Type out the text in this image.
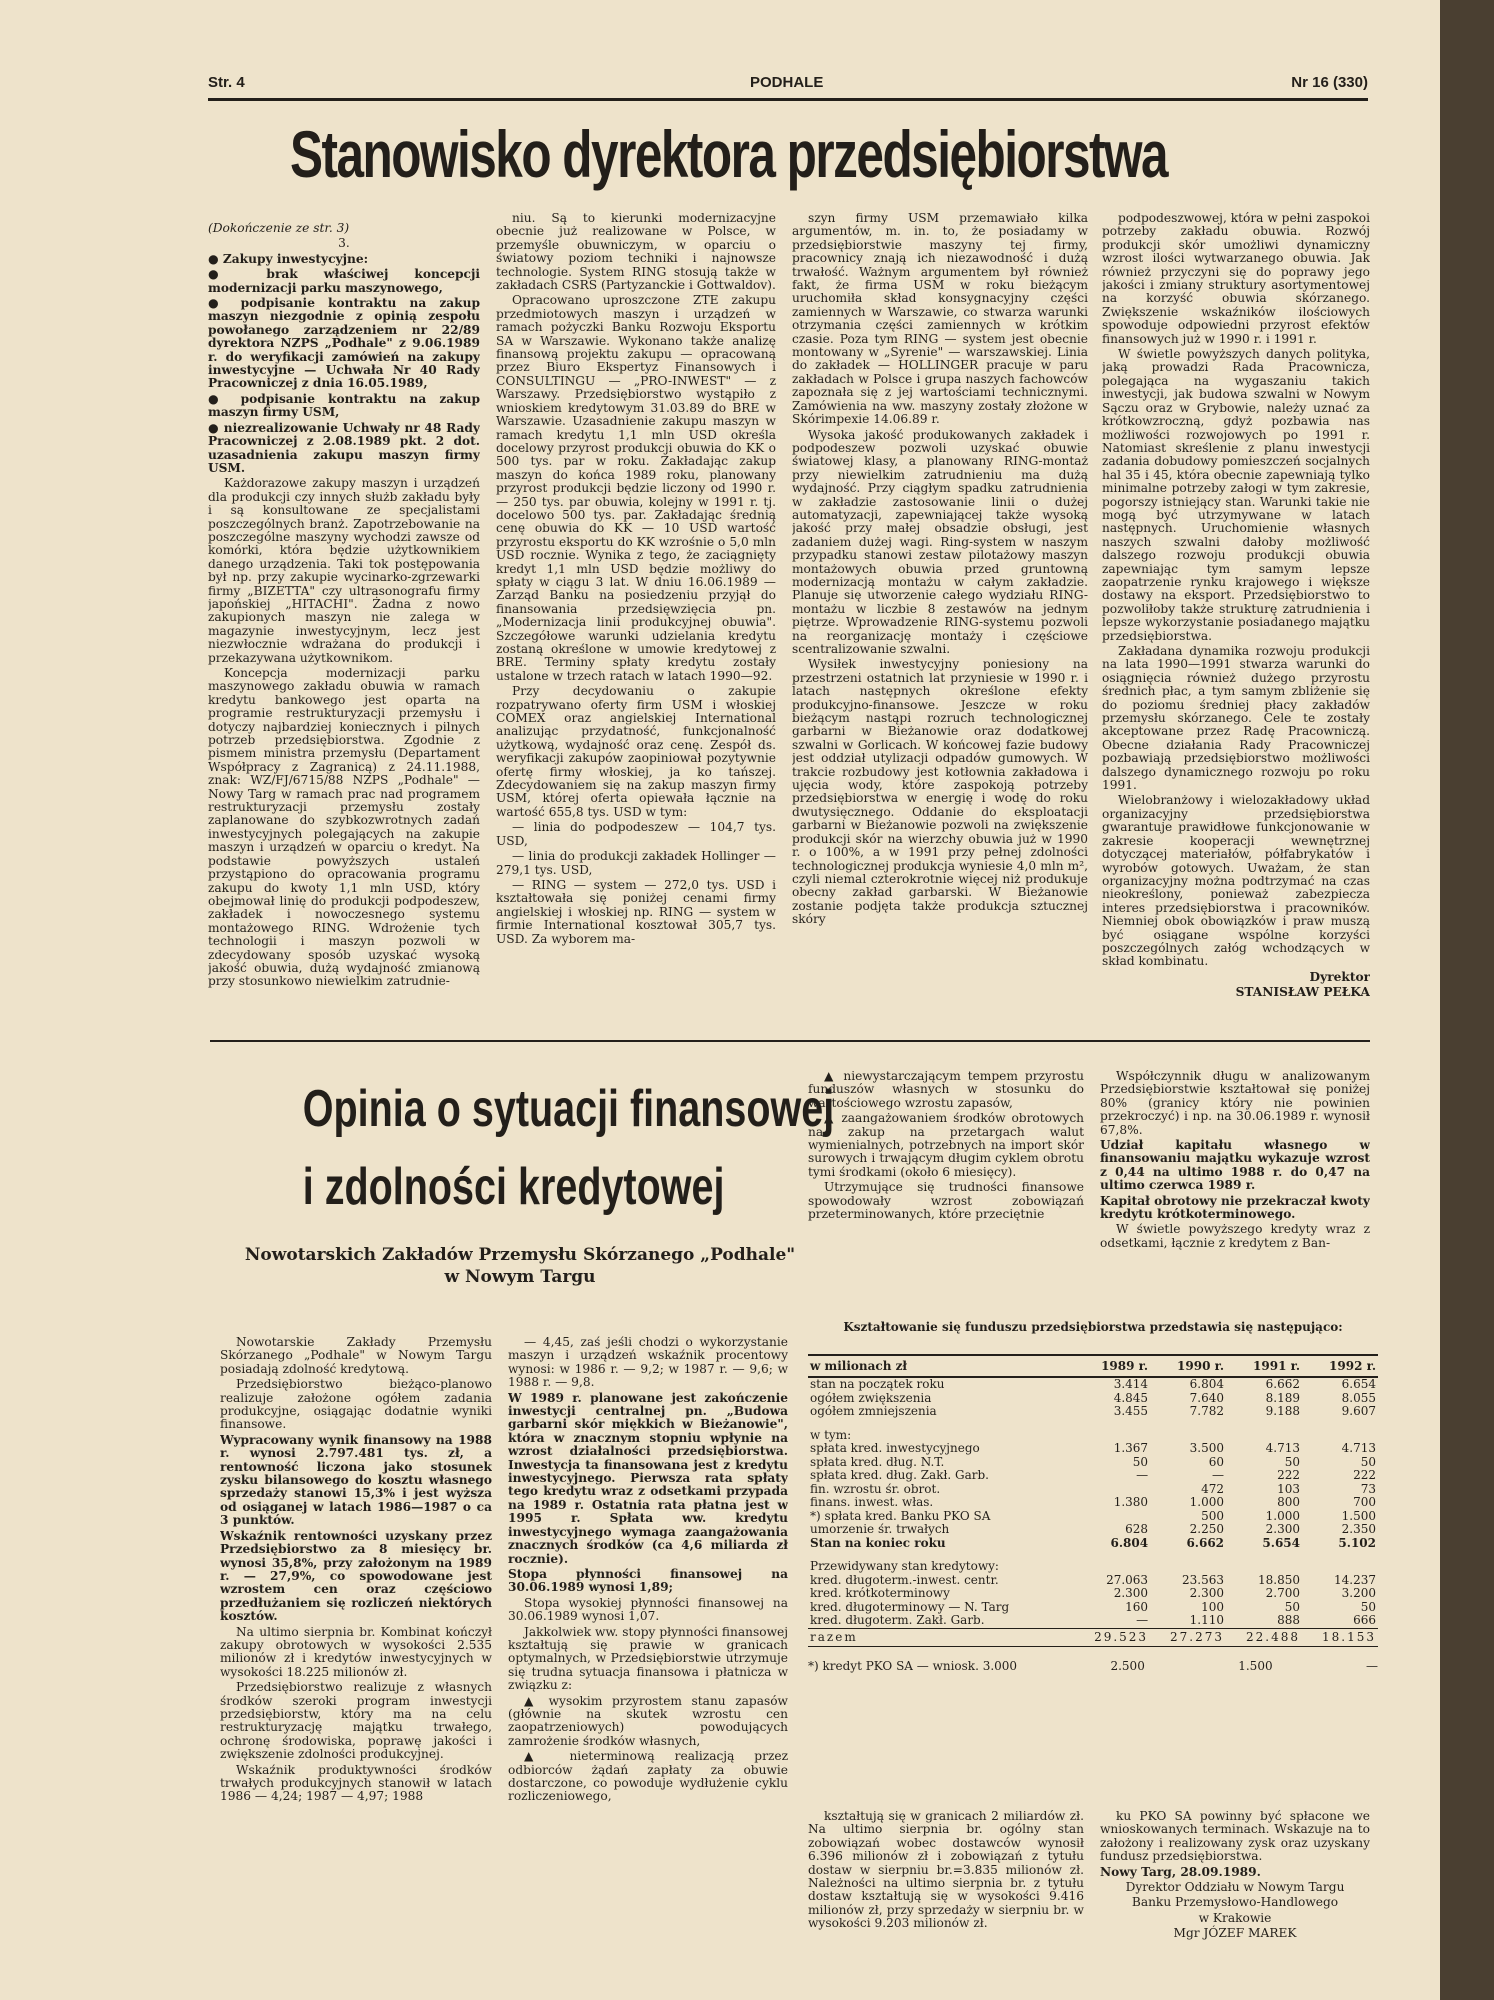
Str. 4	PODHALE	Nr 16 (330)
Stanowisko dyrektora przedsiębiorstwa

(Dokończenie ze str. 3)

3.

● Zakupy inwestycyjne:

● brak właściwej koncepcji modernizacji parku maszynowego,

● podpisanie kontraktu na zakup maszyn niezgodnie z opinią zespołu powołanego zarządzeniem nr 22/89 dyrektora NZPS „Podhale" z 9.06.1989 r. do weryfikacji zamówień na zakupy inwestycyjne — Uchwała Nr 40 Rady Pracowniczej z dnia 16.05.1989,

● podpisanie kontraktu na zakup maszyn firmy USM,

● niezrealizowanie Uchwały nr 48 Rady Pracowniczej z 2.08.1989 pkt. 2 dot. uzasadnienia zakupu maszyn firmy USM.

Każdorazowe zakupy maszyn i urządzeń dla produkcji czy innych służb zakładu były i są konsultowane ze specjalistami poszczególnych branż. Zapotrzebowanie na poszczególne maszyny wychodzi zawsze od komórki, która będzie użytkownikiem danego urządzenia. Taki tok postępowania był np. przy zakupie wycinarko-zgrzewarki firmy „BIZETTA" czy ultrasonografu firmy japońskiej „HITACHI". Żadna z nowo zakupionych maszyn nie zalega w magazynie inwestycyjnym, lecz jest niezwłocznie wdrażana do produkcji i przekazywana użytkownikom.

Koncepcja modernizacji parku maszynowego zakładu obuwia w ramach kredytu bankowego jest oparta na programie restrukturyzacji przemysłu i dotyczy najbardziej koniecznych i pilnych potrzeb przedsiębiorstwa. Zgodnie z pismem ministra przemysłu (Departament Współpracy z Zagranicą) z 24.11.1988, znak: WZ/FJ/6715/88 NZPS „Podhale" — Nowy Targ w ramach prac nad programem restrukturyzacji przemysłu zostały zaplanowane do szybkozwrotnych zadań inwestycyjnych polegających na zakupie maszyn i urządzeń w oparciu o kredyt. Na podstawie powyższych ustaleń przystąpiono do opracowania programu zakupu do kwoty 1,1 mln USD, który obejmował linię do produkcji podpodeszew, zakładek i nowoczesnego systemu montażowego RING. Wdrożenie tych technologii i maszyn pozwoli w zdecydowany sposób uzyskać wysoką jakość obuwia, dużą wydajność zmianową przy stosunkowo niewielkim zatrudnie-

niu. Są to kierunki modernizacyjne obecnie już realizowane w Polsce, w przemyśle obuwniczym, w oparciu o światowy poziom techniki i najnowsze technologie. System RING stosują także w zakładach CSRS (Partyzanckie i Gottwaldov).

Opracowano uproszczone ZTE zakupu przedmiotowych maszyn i urządzeń w ramach pożyczki Banku Rozwoju Eksportu SA w Warszawie. Wykonano także analizę finansową projektu zakupu — opracowaną przez Biuro Ekspertyz Finansowych i CONSULTINGU — „PRO-INWEST" — z Warszawy. Przedsiębiorstwo wystąpiło z wnioskiem kredytowym 31.03.89 do BRE w Warszawie. Uzasadnienie zakupu maszyn w ramach kredytu 1,1 mln USD określa docelowy przyrost produkcji obuwia do KK o 500 tys. par w roku. Zakładając zakup maszyn do końca 1989 roku, planowany przyrost produkcji będzie liczony od 1990 r. — 250 tys. par obuwia, kolejny w 1991 r. tj. docelowo 500 tys. par. Zakładając średnią cenę obuwia do KK — 10 USD wartość przyrostu eksportu do KK wzrośnie o 5,0 mln USD rocznie. Wynika z tego, że zaciągnięty kredyt 1,1 mln USD będzie możliwy do spłaty w ciągu 3 lat. W dniu 16.06.1989 — Zarząd Banku na posiedzeniu przyjął do finansowania przedsięwzięcia pn. „Modernizacja linii produkcyjnej obuwia". Szczegółowe warunki udzielania kredytu zostaną określone w umowie kredytowej z BRE. Terminy spłaty kredytu zostały ustalone w trzech ratach w latach 1990—92.

Przy decydowaniu o zakupie rozpatrywano oferty firm USM i włoskiej COMEX oraz angielskiej International analizując przydatność, funkcjonalność użytkową, wydajność oraz cenę. Zespół ds. weryfikacji zakupów zaopiniował pozytywnie ofertę firmy włoskiej, ja ko tańszej. Zdecydowaniem się na zakup maszyn firmy USM, której oferta opiewała łącznie na wartość 655,8 tys. USD w tym:

— linia do podpodeszew — 104,7 tys. USD,

— linia do produkcji zakładek Hollinger — 279,1 tys. USD,

— RING — system — 272,0 tys. USD i kształtowała się poniżej cenami firmy angielskiej i włoskiej np. RING — system w firmie International kosztował 305,7 tys. USD. Za wyborem ma-

szyn firmy USM przemawiało kilka argumentów, m. in. to, że posiadamy w przedsiębiorstwie maszyny tej firmy, pracownicy znają ich niezawodność i dużą trwałość. Ważnym argumentem był również fakt, że firma USM w roku bieżącym uruchomiła skład konsygnacyjny części zamiennych w Warszawie, co stwarza warunki otrzymania części zamiennych w krótkim czasie. Poza tym RING — system jest obecnie montowany w „Syrenie" — warszawskiej. Linia do zakładek — HOLLINGER pracuje w paru zakładach w Polsce i grupa naszych fachowców zapoznała się z jej wartościami technicznymi. Zamówienia na ww. maszyny zostały złożone w Skórimpexie 14.06.89 r.

Wysoka jakość produkowanych zakładek i podpodeszew pozwoli uzyskać obuwie światowej klasy, a planowany RING-montaż przy niewielkim zatrudnieniu ma dużą wydajność. Przy ciągłym spadku zatrudnienia w zakładzie zastosowanie linii o dużej automatyzacji, zapewniającej także wysoką jakość przy małej obsadzie obsługi, jest zadaniem dużej wagi. Ring-system w naszym przypadku stanowi zestaw pilotażowy maszyn montażowych obuwia przed gruntowną modernizacją montażu w całym zakładzie. Planuje się utworzenie całego wydziału RING-montażu w liczbie 8 zestawów na jednym piętrze. Wprowadzenie RING-systemu pozwoli na reorganizację montaży i częściowe scentralizowanie szwalni.

Wysiłek inwestycyjny poniesiony na przestrzeni ostatnich lat przyniesie w 1990 r. i latach następnych określone efekty produkcyjno-finansowe. Jeszcze w roku bieżącym nastąpi rozruch technologicznej garbarni w Bieżanowie oraz dodatkowej szwalni w Gorlicach. W końcowej fazie budowy jest oddział utylizacji odpadów gumowych. W trakcie rozbudowy jest kotłownia zakładowa i ujęcia wody, które zaspokoją potrzeby przedsiębiorstwa w energię i wodę do roku dwutysięcznego. Oddanie do eksploatacji garbarni w Bieżanowie pozwoli na zwiększenie produkcji skór na wierzchy obuwia już w 1990 r. o 100%, a w 1991 przy pełnej zdolności technologicznej produkcja wyniesie 4,0 mln m², czyli niemal czterokrotnie więcej niż produkuje obecny zakład garbarski. W Bieżanowie zostanie podjęta także produkcja sztucznej skóry

podpodeszwowej, która w pełni zaspokoi potrzeby zakładu obuwia. Rozwój produkcji skór umożliwi dynamiczny wzrost ilości wytwarzanego obuwia. Jak również przyczyni się do poprawy jego jakości i zmiany struktury asortymentowej na korzyść obuwia skórzanego. Zwiększenie wskaźników ilościowych spowoduje odpowiedni przyrost efektów finansowych już w 1990 r. i 1991 r.

W świetle powyższych danych polityka, jaką prowadzi Rada Pracownicza, polegająca na wygaszaniu takich inwestycji, jak budowa szwalni w Nowym Sączu oraz w Grybowie, należy uznać za krótkowzroczną, gdyż pozbawia nas możliwości rozwojowych po 1991 r. Natomiast skreślenie z planu inwestycji zadania dobudowy pomieszczeń socjalnych hal 35 i 45, która obecnie zapewniają tylko minimalne potrzeby załogi w tym zakresie, pogorszy istniejący stan. Warunki takie nie mogą być utrzymywane w latach następnych. Uruchomienie własnych naszych szwalni dałoby możliwość dalszego rozwoju produkcji obuwia zapewniając tym samym lepsze zaopatrzenie rynku krajowego i większe dostawy na eksport. Przedsiębiorstwo to pozwoliłoby także strukturę zatrudnienia i lepsze wykorzystanie posiadanego majątku przedsiębiorstwa.

Zakładana dynamika rozwoju produkcji na lata 1990—1991 stwarza warunki do osiągnięcia również dużego przyrostu średnich płac, a tym samym zbliżenie się do poziomu średniej płacy zakładów przemysłu skórzanego. Cele te zostały akceptowane przez Radę Pracowniczą. Obecne działania Rady Pracowniczej pozbawiają przedsiębiorstwo możliwości dalszego dynamicznego rozwoju po roku 1991.

Wielobranżowy i wielozakładowy układ organizacyjny przedsiębiorstwa gwarantuje prawidłowe funkcjonowanie w zakresie kooperacji wewnętrznej dotyczącej materiałów, półfabrykatów i wyrobów gotowych. Uważam, że stan organizacyjny można podtrzymać na czas nieokreślony, ponieważ zabezpiecza interes przedsiębiorstwa i pracowników. Niemniej obok obowiązków i praw muszą być osiągane wspólne korzyści poszczególnych załóg wchodzących w skład kombinatu.

Dyrektor

STANISŁAW PEŁKA

Opinia o sytuacji finansowej
i zdolności kredytowej
Nowotarskich Zakładów Przemysłu Skórzanego „Podhale"
w Nowym Targu

Nowotarskie Zakłady Przemysłu Skórzanego „Podhale" w Nowym Targu posiadają zdolność kredytową.

Przedsiębiorstwo bieżąco-planowo realizuje założone ogółem zadania produkcyjne, osiągając dodatnie wyniki finansowe.

Wypracowany wynik finansowy na 1988 r. wynosi 2.797.481 tys. zł, a rentowność liczona jako stosunek zysku bilansowego do kosztu własnego sprzedaży stanowi 15,3% i jest wyższa od osiąganej w latach 1986—1987 o ca 3 punktów.

Wskaźnik rentowności uzyskany przez Przedsiębiorstwo za 8 miesięcy br. wynosi 35,8%, przy założonym na 1989 r. — 27,9%, co spowodowane jest wzrostem cen oraz częściowo przedłużaniem się rozliczeń niektórych kosztów.

Na ultimo sierpnia br. Kombinat kończył zakupy obrotowych w wysokości 2.535 milionów zł i kredytów inwestycyjnych w wysokości 18.225 milionów zł.

Przedsiębiorstwo realizuje z własnych środków szeroki program inwestycji przedsiębiorstw, który ma na celu restrukturyzację majątku trwałego, ochronę środowiska, poprawę jakości i zwiększenie zdolności produkcyjnej.

Wskaźnik produktywności środków trwałych produkcyjnych stanowił w latach 1986 — 4,24; 1987 — 4,97; 1988

— 4,45, zaś jeśli chodzi o wykorzystanie maszyn i urządzeń wskaźnik procentowy wynosi: w 1986 r. — 9,2; w 1987 r. — 9,6; w 1988 r. — 9,8.

W 1989 r. planowane jest zakończenie inwestycji centralnej pn. „Budowa garbarni skór miękkich w Bieżanowie", która w znacznym stopniu wpłynie na wzrost działalności przedsiębiorstwa. Inwestycja ta finansowana jest z kredytu inwestycyjnego. Pierwsza rata spłaty tego kredytu wraz z odsetkami przypada na 1989 r. Ostatnia rata płatna jest w 1995 r. Spłata ww. kredytu inwestycyjnego wymaga zaangażowania znacznych środków (ca 4,6 miliarda zł rocznie).

Stopa płynności finansowej na 30.06.1989 wynosi 1,89;

Stopa wysokiej płynności finansowej na 30.06.1989 wynosi 1,07.

Jakkolwiek ww. stopy płynności finansowej kształtują się prawie w granicach optymalnych, w Przedsiębiorstwie utrzymuje się trudna sytuacja finansowa i płatnicza w związku z:

▲ wysokim przyrostem stanu zapasów (głównie na skutek wzrostu cen zaopatrzeniowych) powodujących zamrożenie środków własnych,

▲ nieterminową realizacją przez odbiorców żądań zapłaty za obuwie dostarczone, co powoduje wydłużenie cyklu rozliczeniowego,

▲ niewystarczającym tempem przyrostu funduszów własnych w stosunku do wartościowego wzrostu zapasów,

▲ zaangażowaniem środków obrotowych na zakup na przetargach walut wymienialnych, potrzebnych na import skór surowych i trwającym długim cyklem obrotu tymi środkami (około 6 miesięcy).

Utrzymujące się trudności finansowe spowodowały wzrost zobowiązań przeterminowanych, które przeciętnie

Współczynnik długu w analizowanym Przedsiębiorstwie kształtował się poniżej 80% (granicy który nie powinien przekroczyć) i np. na 30.06.1989 r. wynosił 67,8%.

Udział kapitału własnego w finansowaniu majątku wykazuje wzrost z 0,44 na ultimo 1988 r. do 0,47 na ultimo czerwca 1989 r.

Kapitał obrotowy nie przekraczał kwoty kredytu krótkoterminowego.

W świetle powyższego kredyty wraz z odsetkami, łącznie z kredytem z Ban-

Kształtowanie się funduszu przedsiębiorstwa przedstawia się następująco:
w milionach zł	1989 r.	1990 r.	1991 r.	1992 r.
stan na początek roku	3.414	6.804	6.662	6.654
ogółem zwiększenia	4.845	7.640	8.189	8.055
ogółem zmniejszenia	3.455	7.782	9.188	9.607

w tym:				
spłata kred. inwestycyjnego	1.367	3.500	4.713	4.713
spłata kred. dług. N.T.	50	60	50	50
spłata kred. dług. Zakł. Garb.	—	—	222	222
fin. wzrostu śr. obrot.		472	103	73
finans. inwest. włas.	1.380	1.000	800	700
*) spłata kred. Banku PKO SA		500	1.000	1.500
umorzenie śr. trwałych	628	2.250	2.300	2.350
Stan na koniec roku	6.804	6.662	5.654	5.102

Przewidywany stan kredytowy:				
kred. długoterm.-inwest. centr.	27.063	23.563	18.850	14.237
kred. krótkoterminowy	2.300	2.300	2.700	3.200
kred. długoterminowy — N. Targ	160	100	50	50
kred. długoterm. Zakł. Garb.	—	1.110	888	666
razem	29.523	27.273	22.488	18.153
*) kredyt PKO SA — wniosk. 3.000	2.500	1.500	—

kształtują się w granicach 2 miliardów zł. Na ultimo sierpnia br. ogólny stan zobowiązań wobec dostawców wynosił 6.396 milionów zł i zobowiązań z tytułu dostaw w sierpniu br.=3.835 milionów zł. Należności na ultimo sierpnia br. z tytułu dostaw kształtują się w wysokości 9.416 milionów zł, przy sprzedaży w sierpniu br. w wysokości 9.203 milionów zł.

ku PKO SA powinny być spłacone we wnioskowanych terminach. Wskazuje na to założony i realizowany zysk oraz uzyskany fundusz przedsiębiorstwa.

Nowy Targ, 28.09.1989.

Dyrektor Oddziału w Nowym Targu

Banku Przemysłowo-Handlowego

w Krakowie

Mgr JÓZEF MAREK
